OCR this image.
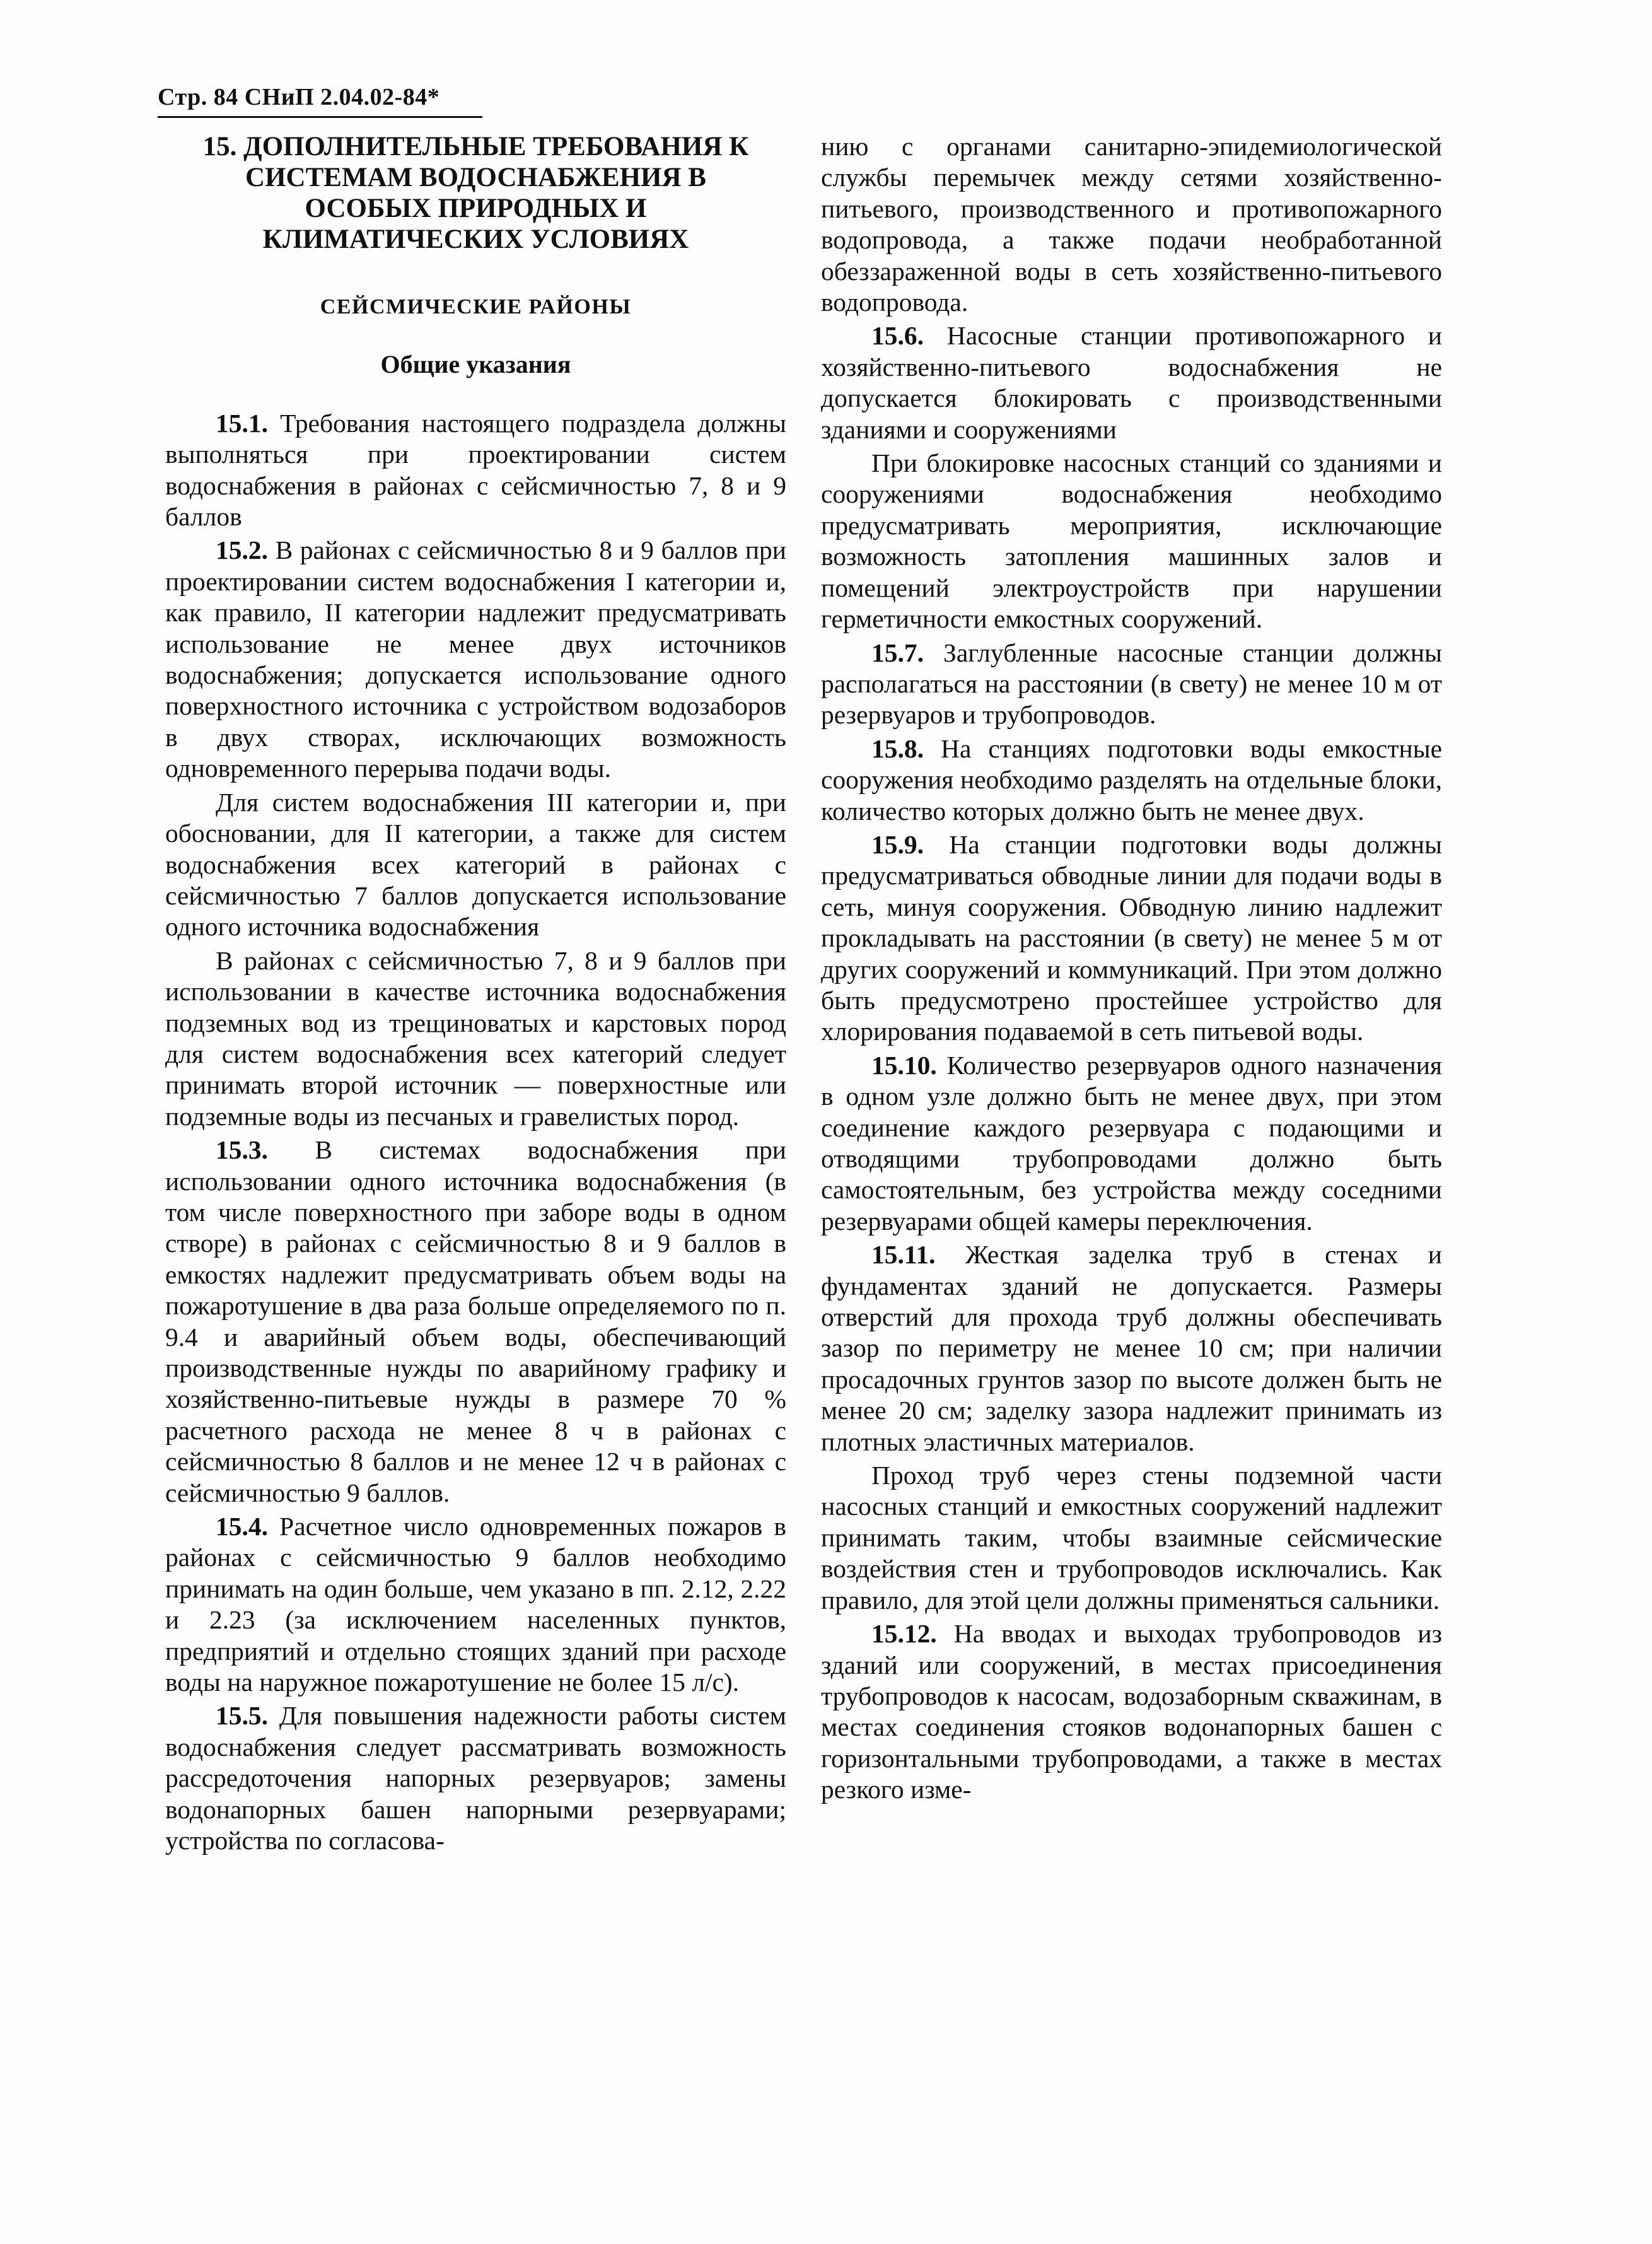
Стр. 84 СНиП 2.04.02-84*
15. ДОПОЛНИТЕЛЬНЫЕ ТРЕБОВАНИЯ К СИСТЕМАМ ВОДОСНАБЖЕНИЯ В ОСОБЫХ ПРИРОДНЫХ И КЛИМАТИЧЕСКИХ УСЛОВИЯХ
СЕЙСМИЧЕСКИЕ РАЙОНЫ
Общие указания

15.1. Требования настоящего подраздела должны выполняться при проектировании систем водоснабжения в районах с сейсмичностью 7, 8 и 9 баллов

15.2. В районах с сейсмичностью 8 и 9 баллов при проектировании систем водоснабжения I категории и, как правило, II категории надлежит предусматривать использование не менее двух источников водоснабжения; допускается использование одного поверхностного источника с устройством водозаборов в двух створах, исключающих возможность одновременного перерыва подачи воды.

Для систем водоснабжения III категории и, при обосновании, для II категории, а также для систем водоснабжения всех категорий в районах с сейсмичностью 7 баллов допускается использование одного источника водоснабжения

В районах с сейсмичностью 7, 8 и 9 баллов при использовании в качестве источника водоснабжения подземных вод из трещиноватых и карстовых пород для систем водоснабжения всех категорий следует принимать второй источник — поверхностные или подземные воды из песчаных и гравелистых пород.

15.3. В системах водоснабжения при использовании одного источника водоснабжения (в том числе поверхностного при заборе воды в одном створе) в районах с сейсмичностью 8 и 9 баллов в емкостях надлежит предусматривать объем воды на пожаротушение в два раза больше определяемого по п. 9.4 и аварийный объем воды, обеспечивающий производственные нужды по аварийному графику и хозяйственно-питьевые нужды в размере 70 % расчетного расхода не менее 8 ч в районах с сейсмичностью 8 баллов и не менее 12 ч в районах с сейсмичностью 9 баллов.

15.4. Расчетное число одновременных пожаров в районах с сейсмичностью 9 баллов необходимо принимать на один больше, чем указано в пп. 2.12, 2.22 и 2.23 (за исключением населенных пунктов, предприятий и отдельно стоящих зданий при расходе воды на наружное пожаротушение не более 15 л/с).

15.5. Для повышения надежности работы систем водоснабжения следует рассматривать возможность рассредоточения напорных резервуаров; замены водонапорных башен напорными резервуарами; устройства по согласова-

нию с органами санитарно-эпидемиологической службы перемычек между сетями хозяйственно-питьевого, производственного и противопожарного водопровода, а также подачи необработанной обеззараженной воды в сеть хозяйственно-питьевого водопровода.

15.6. Насосные станции противопожарного и хозяйственно-питьевого водоснабжения не допускается блокировать с производственными зданиями и сооружениями

При блокировке насосных станций со зданиями и сооружениями водоснабжения необходимо предусматривать мероприятия, исключающие возможность затопления машинных залов и помещений электроустройств при нарушении герметичности емкостных сооружений.

15.7. Заглубленные насосные станции должны располагаться на расстоянии (в свету) не менее 10 м от резервуаров и трубопроводов.

15.8. На станциях подготовки воды емкостные сооружения необходимо разделять на отдельные блоки, количество которых должно быть не менее двух.

15.9. На станции подготовки воды должны предусматриваться обводные линии для подачи воды в сеть, минуя сооружения. Обводную линию надлежит прокладывать на расстоянии (в свету) не менее 5 м от других сооружений и коммуникаций. При этом должно быть предусмотрено простейшее устройство для хлорирования подаваемой в сеть питьевой воды.

15.10. Количество резервуаров одного назначения в одном узле должно быть не менее двух, при этом соединение каждого резервуара с подающими и отводящими трубопроводами должно быть самостоятельным, без устройства между соседними резервуарами общей камеры переключения.

15.11. Жесткая заделка труб в стенах и фундаментах зданий не допускается. Размеры отверстий для прохода труб должны обеспечивать зазор по периметру не менее 10 см; при наличии просадочных грунтов зазор по высоте должен быть не менее 20 см; заделку зазора надлежит принимать из плотных эластичных материалов.

Проход труб через стены подземной части насосных станций и емкостных сооружений надлежит принимать таким, чтобы взаимные сейсмические воздействия стен и трубопроводов исключались. Как правило, для этой цели должны применяться сальники.

15.12. На вводах и выходах трубопроводов из зданий или сооружений, в местах присоединения трубопроводов к насосам, водозаборным скважинам, в местах соединения стояков водонапорных башен с горизонтальными трубопроводами, а также в местах резкого изме-
